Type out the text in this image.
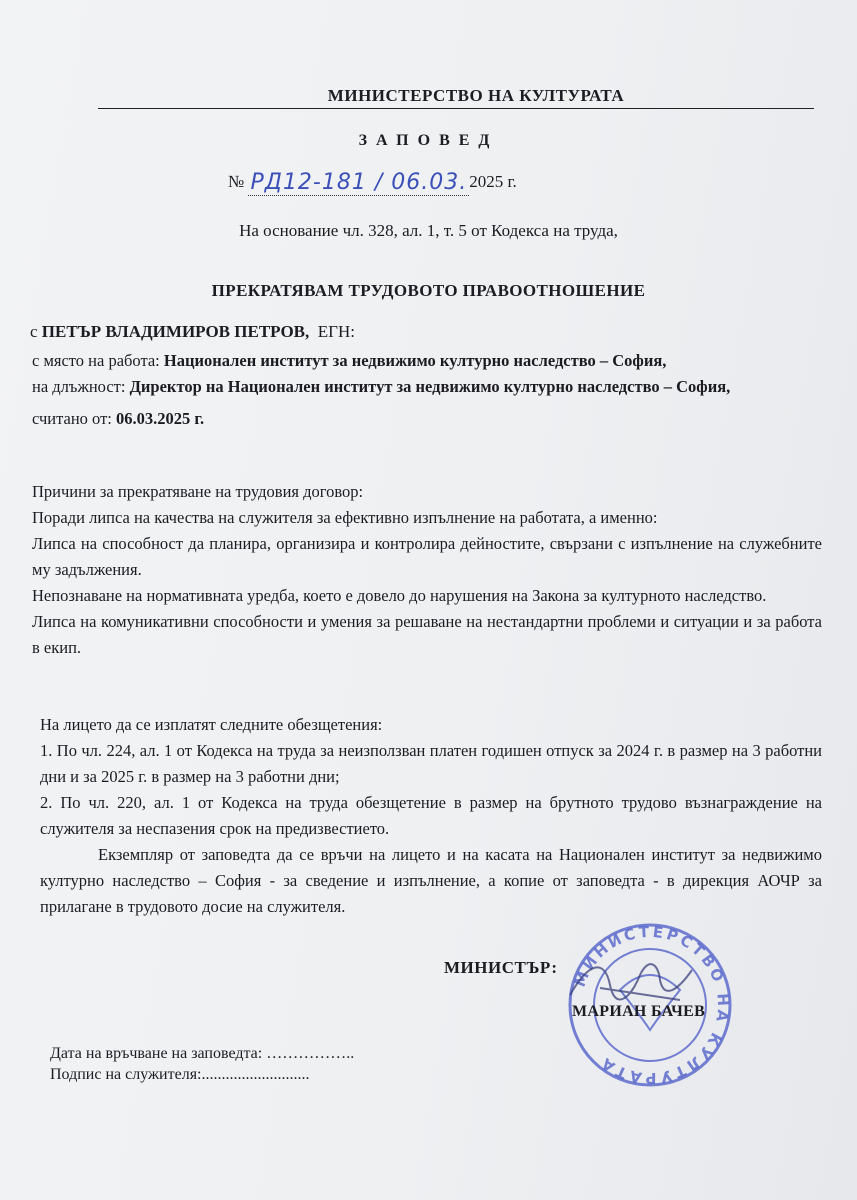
МИНИСТЕРСТВО НА КУЛТУРАТА
ЗАПОВЕД
№ РД12-181 / 06.03. 2025 г.
На основание чл. 328, ал. 1, т. 5 от Кодекса на труда,
ПРЕКРАТЯВАМ ТРУДОВОТО ПРАВООТНОШЕНИЕ
с ПЕТЪР ВЛАДИМИРОВ ПЕТРОВ, ЕГН:
с място на работа: Национален институт за недвижимо културно наследство – София,
на длъжност: Директор на Национален институт за недвижимо културно наследство – София,
считано от: 06.03.2025 г.
Причини за прекратяване на трудовия договор:
Поради липса на качества на служителя за ефективно изпълнение на работата, а именно:
Липса на способност да планира, организира и контролира дейностите, свързани с изпълнение на служебните му задължения.
Непознаване на нормативната уредба, което е довело до нарушения на Закона за културното наследство.
Липса на комуникативни способности и умения за решаване на нестандартни проблеми и ситуации и за работа в екип.
На лицето да се изплатят следните обезщетения:
1. По чл. 224, ал. 1 от Кодекса на труда за неизползван платен годишен отпуск за 2024 г. в размер на 3 работни дни и за 2025 г. в размер на 3 работни дни;
2. По чл. 220, ал. 1 от Кодекса на труда обезщетение в размер на брутното трудово възнаграждение на служителя за неспазения срок на предизвестието.
Екземпляр от заповедта да се връчи на лицето и на касата на Национален институт за недвижимо културно наследство – София - за сведение и изпълнение, а копие от заповедта - в дирекция АОЧР за прилагане в трудовото досие на служителя.
МИНИСТЕРСТВО НА КУЛТУРАТА
МИНИСТЪР:
МАРИАН БАЧЕВ
Дата на връчване на заповедта: ……………..
Подпис на служителя:...........................
